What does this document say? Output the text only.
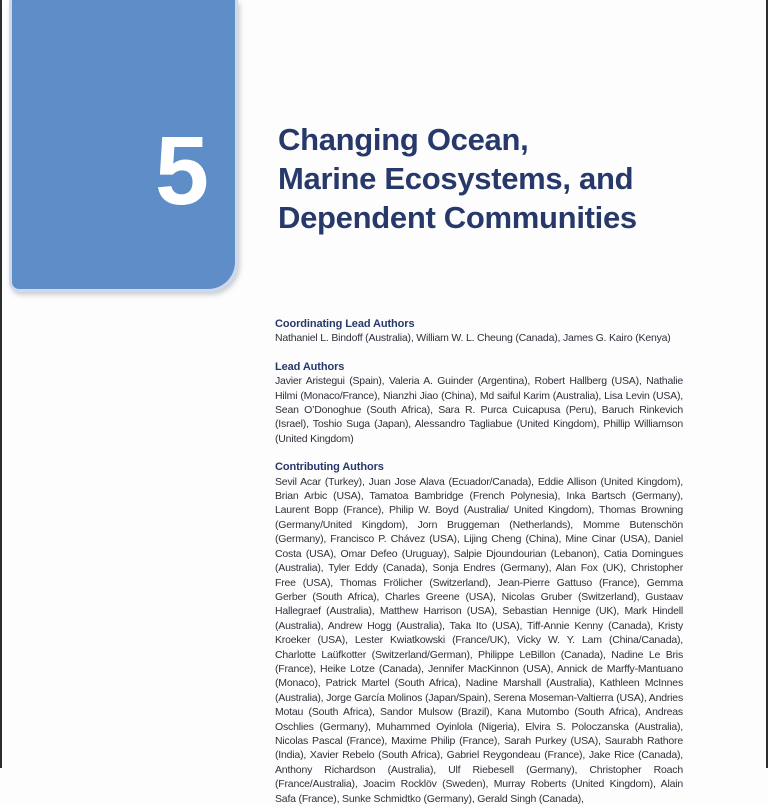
5 Changing Ocean,
Marine Ecosystems, and
Dependent Communities

Coordinating Lead Authors

Nathaniel L. Bindoff (Australia), William W. L. Cheung (Canada), James G. Kairo (Kenya)

Lead Authors

Javier Aristegui (Spain), Valeria A. Guinder (Argentina), Robert Hallberg (USA), Nathalie Hilmi (Monaco/France), Nianzhi Jiao (China), Md saiful Karim (Australia), Lisa Levin (USA), Sean O’Donoghue (South Africa), Sara R. Purca Cuicapusa (Peru), Baruch Rinkevich (Israel), Toshio Suga (Japan), Alessandro Tagliabue (United Kingdom), Phillip Williamson (United Kingdom)

Contributing Authors

Sevil Acar (Turkey), Juan Jose Alava (Ecuador/Canada), Eddie Allison (United Kingdom), Brian Arbic (USA), Tamatoa Bambridge (French Polynesia), Inka Bartsch (Germany), Laurent Bopp (France), Philip W. Boyd (Australia/ United Kingdom), Thomas Browning (Germany/United Kingdom), Jorn Bruggeman (Netherlands), Momme Butenschön (Germany), Francisco P. Chávez (USA), Lijing Cheng (China), Mine Cinar (USA), Daniel Costa (USA), Omar Defeo (Uruguay), Salpie Djoundourian (Lebanon), Catia Domingues (Australia), Tyler Eddy (Canada), Sonja Endres (Germany), Alan Fox (UK), Christopher Free (USA), Thomas Frölicher (Switzerland), Jean-Pierre Gattuso (France), Gemma Gerber (South Africa), Charles Greene (USA), Nicolas Gruber (Switzerland), Gustaav Hallegraef (Australia), Matthew Harrison (USA), Sebastian Hennige (UK), Mark Hindell (Australia), Andrew Hogg (Australia), Taka Ito (USA), Tiff-Annie Kenny (Canada), Kristy Kroeker (USA), Lester Kwiatkowski (France/UK), Vicky W. Y. Lam (China/Canada), Charlotte Laüfkotter (Switzerland/German), Philippe LeBillon (Canada), Nadine Le Bris (France), Heike Lotze (Canada), Jennifer MacKinnon (USA), Annick de Marffy-Mantuano (Monaco), Patrick Martel (South Africa), Nadine Marshall (Australia), Kathleen McInnes (Australia), Jorge García Molinos (Japan/Spain), Serena Moseman-Valtierra (USA), Andries Motau (South Africa), Sandor Mulsow (Brazil), Kana Mutombo (South Africa), Andreas Oschlies (Germany), Muhammed Oyinlola (Nigeria), Elvira S. Poloczanska (Australia), Nicolas Pascal (France), Maxime Philip (France), Sarah Purkey (USA), Saurabh Rathore (India), Xavier Rebelo (South Africa), Gabriel Reygondeau (France), Jake Rice (Canada), Anthony Richardson (Australia), Ulf Riebesell (Germany), Christopher Roach (France/Australia), Joacim Rocklöv (Sweden), Murray Roberts (United Kingdom), Alain Safa (France), Sunke Schmidtko (Germany), Gerald Singh (Canada),
